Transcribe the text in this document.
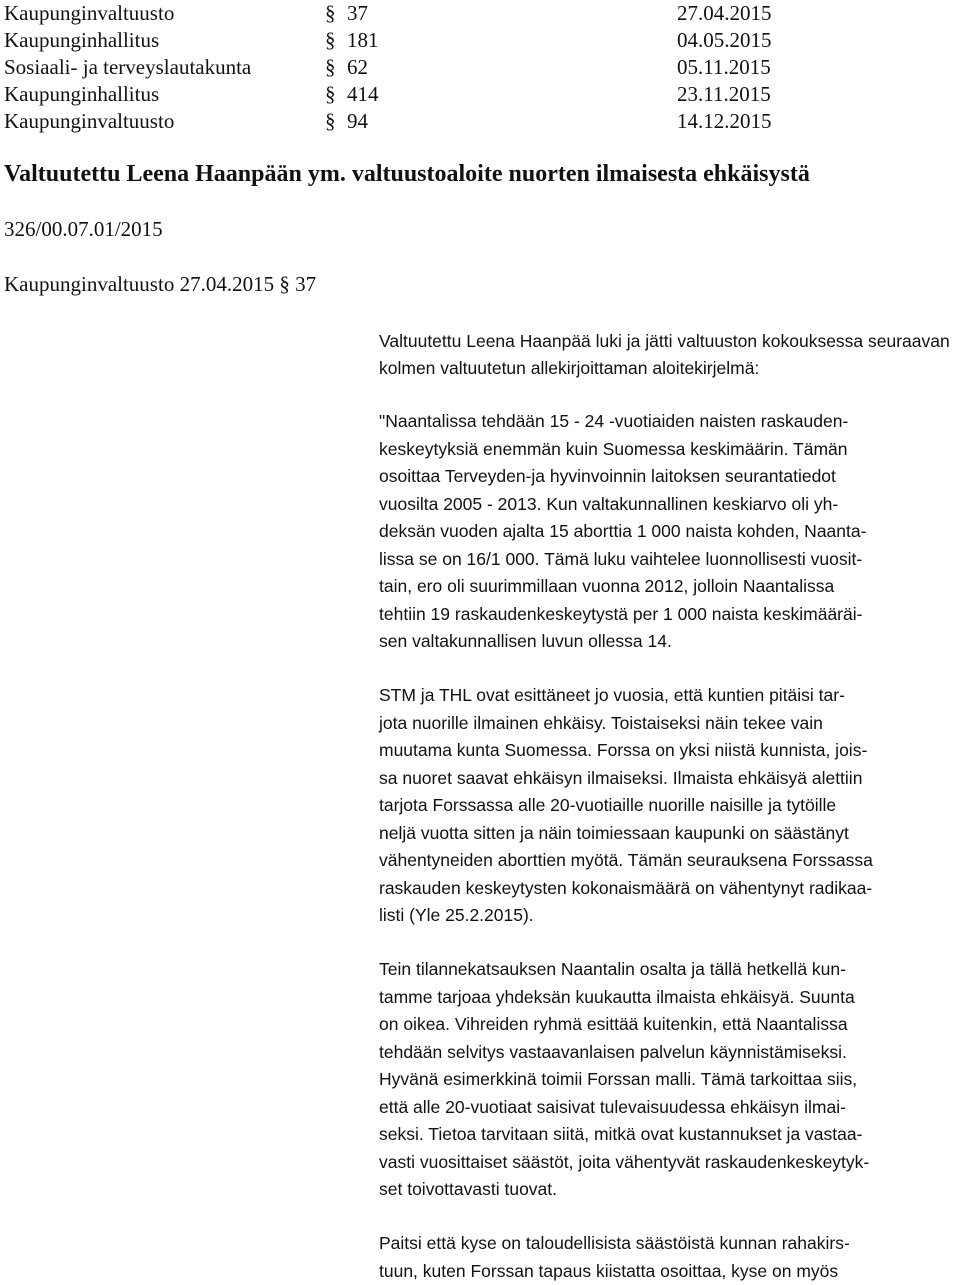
Kaupunginvaltuusto	§ 37	27.04.2015
Kaupunginhallitus	§ 181	04.05.2015
Sosiaali- ja terveyslautakunta	§ 62	05.11.2015
Kaupunginhallitus	§ 414	23.11.2015
Kaupunginvaltuusto	§ 94	14.12.2015
Valtuutettu Leena Haanpään ym. valtuustoaloite nuorten ilmaisesta ehkäisystä
326/00.07.01/2015
Kaupunginvaltuusto 27.04.2015 § 37
Valtuutettu Leena Haanpää luki ja jätti valtuuston kokouksessa seuraavan
kolmen valtuutetun allekirjoittaman aloitekirjelmä:
"Naantalissa tehdään 15 - 24 -vuotiaiden naisten raskauden-
keskeytyksiä enemmän kuin Suomessa keskimäärin. Tämän
osoittaa Terveyden-ja hyvinvoinnin laitoksen seurantatiedot
vuosilta 2005 - 2013. Kun valtakunnallinen keskiarvo oli yh-
deksän vuoden ajalta 15 aborttia 1 000 naista kohden, Naanta-
lissa se on 16/1 000. Tämä luku vaihtelee luonnollisesti vuosit-
tain, ero oli suurimmillaan vuonna 2012, jolloin Naantalissa
tehtiin 19 raskaudenkeskeytystä per 1 000 naista keskimääräi-
sen valtakunnallisen luvun ollessa 14.
STM ja THL ovat esittäneet jo vuosia, että kuntien pitäisi tar-
jota nuorille ilmainen ehkäisy. Toistaiseksi näin tekee vain
muutama kunta Suomessa. Forssa on yksi niistä kunnista, jois-
sa nuoret saavat ehkäisyn ilmaiseksi. Ilmaista ehkäisyä alettiin
tarjota Forssassa alle 20-vuotiaille nuorille naisille ja tytöille
neljä vuotta sitten ja näin toimiessaan kaupunki on säästänyt
vähentyneiden aborttien myötä. Tämän seurauksena Forssassa
raskauden keskeytysten kokonaismäärä on vähentynyt radikaa-
listi (Yle 25.2.2015).
Tein tilannekatsauksen Naantalin osalta ja tällä hetkellä kun-
tamme tarjoaa yhdeksän kuukautta ilmaista ehkäisyä. Suunta
on oikea. Vihreiden ryhmä esittää kuitenkin, että Naantalissa
tehdään selvitys vastaavanlaisen palvelun käynnistämiseksi.
Hyvänä esimerkkinä toimii Forssan malli. Tämä tarkoittaa siis,
että alle 20-vuotiaat saisivat tulevaisuudessa ehkäisyn ilmai-
seksi. Tietoa tarvitaan siitä, mitkä ovat kustannukset ja vastaa-
vasti vuosittaiset säästöt, joita vähentyvät raskaudenkeskeytyk-
set toivottavasti tuovat.
Paitsi että kyse on taloudellisista säästöistä kunnan rahakirs-
tuun, kuten Forssan tapaus kiistatta osoittaa, kyse on myös
